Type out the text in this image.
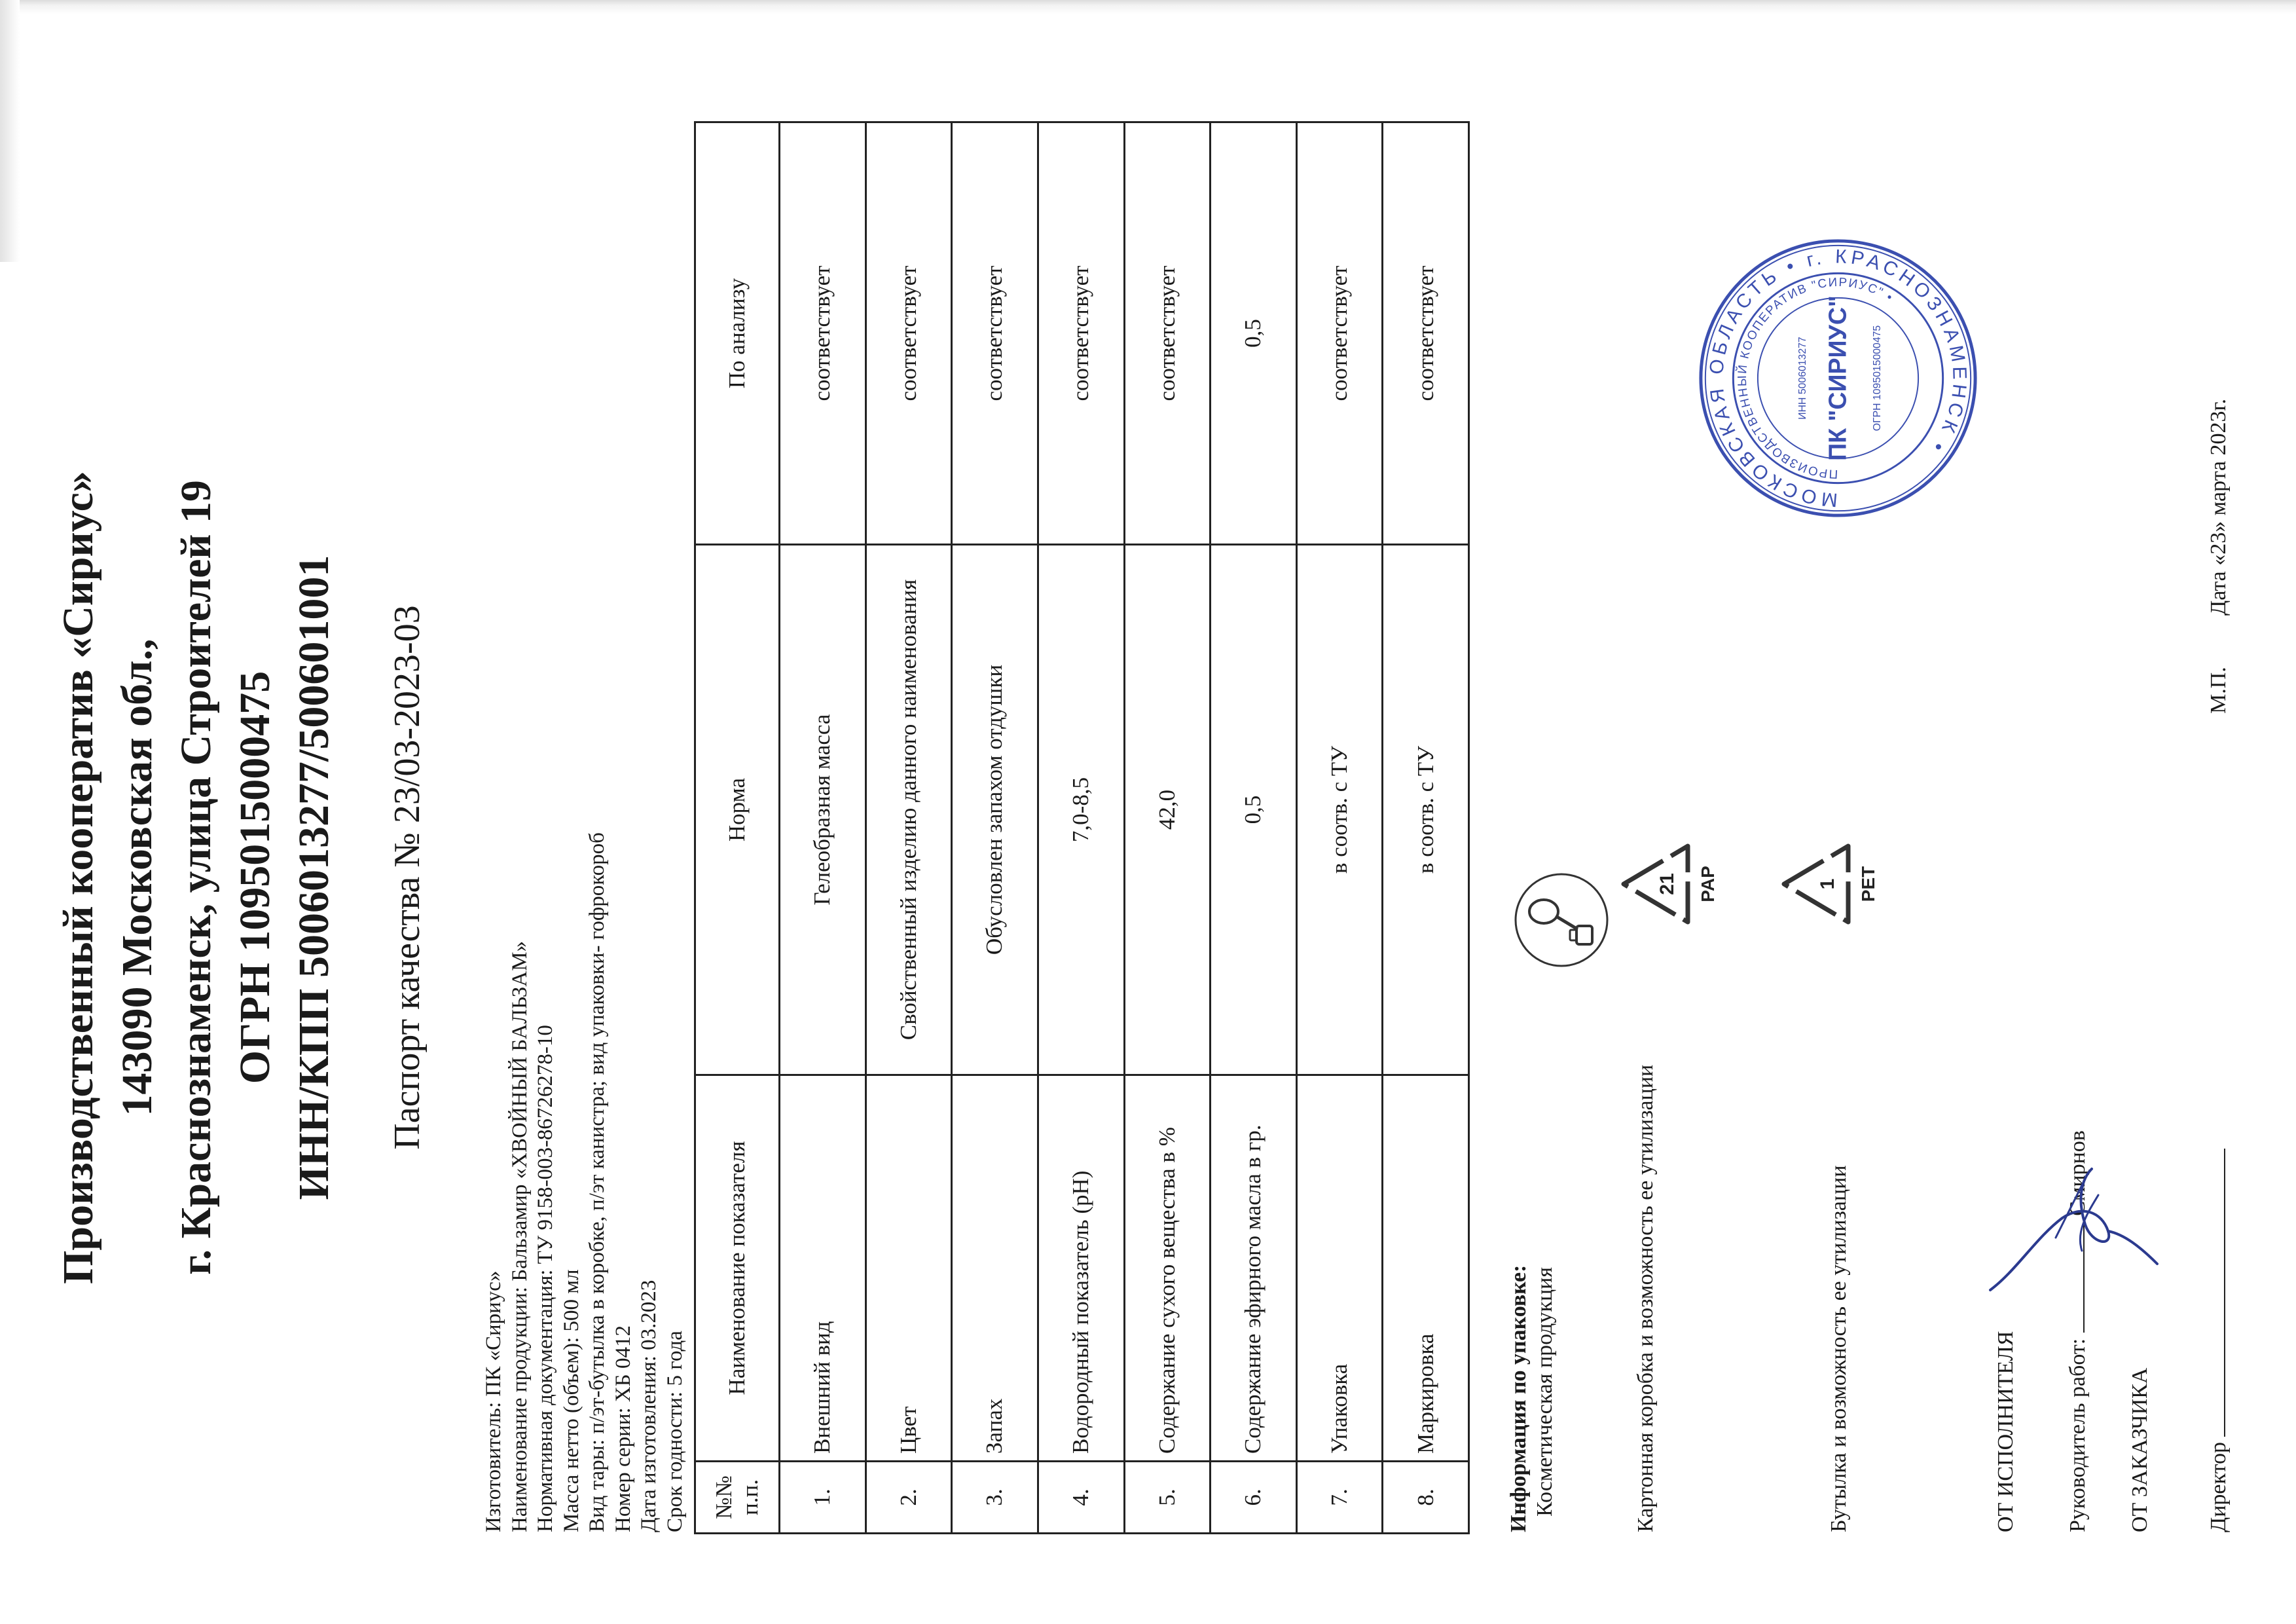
Производственный кооператив «Сириус» 143090 Московская обл., г. Краснознаменск, улица Строителей 19 ОГРН 1095015000475 ИНН/КПП 5006013277/500601001 Паспорт качества № 23/03-2023-03
Изготовитель: ПК «Сириус» Наименование продукции: Бальзамир «ХВОЙНЫЙ БАЛЬЗАМ» Нормативная документация: ТУ 9158-003-86726278-10 Масса нетто (объем): 500 мл Вид тары: п/эт-бутылка в коробке, п/эт канистра; вид упаковки- гофрокороб Номер серии: ХБ 0412 Дата изготовления: 03.2023 Срок годности: 5 года №№ п.п.	Наименование показателя	Норма	По анализу
1.	Внешний вид	Гелеобразная масса	соответствует
2.	Цвет	Свойственный изделию данного наименования	соответствует
3.	Запах	Обусловлен запахом отдушки	соответствует
4.	Водородный показатель (рН)	7,0-8,5	соответствует
5.	Содержание сухого вещества в %	42,0	соответствует
6.	Содержание эфирного масла в гр.	0,5	0,5
7.	Упаковка	в соотв. с ТУ	соответствует
8.	Маркировка	в соотв. с ТУ	соответствует
Информация по упаковке: Косметическая продукция	Картонная коробка и возможность ее утилизации
21 PAP
Бутылка и возможность ее утилизации
1 PET
ОТ ИСПОЛНИТЕЛЯ Руководитель работ:  Смирнов
ОТ ЗАКАЗЧИКА Директор
М.П.
Дата «23» марта 2023г.
МОСКОВСКАЯ ОБЛАСТЬ • г. КРАСНОЗНАМЕНСК •
ПРОИЗВОДСТВЕННЫЙ КООПЕРАТИВ "СИРИУС" •
ИНН 5006013277 ПК "СИРИУС" ОГРН 1095015000475
